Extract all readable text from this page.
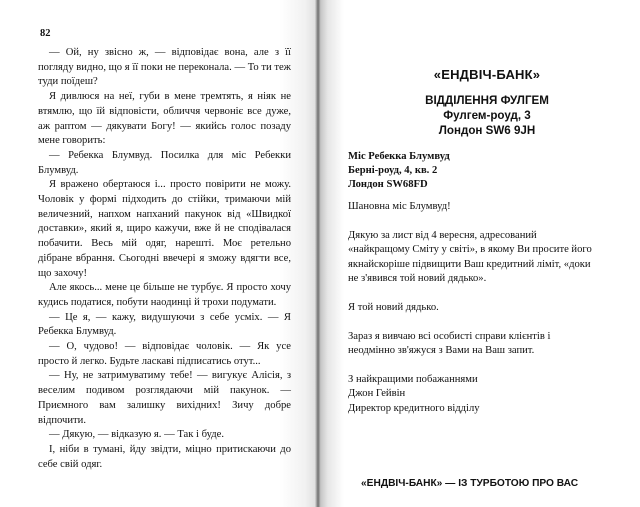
82

— Ой, ну звісно ж, — відповідає вона, але з її погляду видно, що я її поки не переконала. — То ти теж туди поїдеш?

Я дивлюся на неї, губи в мене тремтять, я ніяк не втямлю, що їй відповісти, обличчя червоніє все дуже, аж раптом — дякувати Богу! — якийсь голос позаду мене говорить:

— Ребекка Блумвуд. Посилка для міс Ребекки Блумвуд.

Я вражено обертаюся і... просто повірити не можу. Чоловік у формі підходить до стійки, тримаючи мій величезний, напхом напханий пакунок від «Швидкої доставки», який я, щиро кажучи, вже й не сподівалася побачити. Весь мій одяг, нарешті. Моє ретельно дібране вбрання. Сьогодні ввечері я зможу вдягти все, що захочу!

Але якось... мене це більше не турбує. Я просто хочу кудись податися, побути наодинці й трохи подумати.

— Це я, — кажу, видушуючи з себе усміх. — Я Ребекка Блумвуд.

— О, чудово! — відповідає чоловік. — Як усе просто й легко. Будьте ласкаві підписатись отут...

— Ну, не затримуватиму тебе! — вигукує Алісія, з веселим подивом розглядаючи мій пакунок. — Приємного вам залишку вихідних! Зичу добре відпочити.

— Дякую, — відказую я. — Так і буде.

І, ніби в тумані, йду звідти, міцно притискаючи до себе свій одяг.

«ЕНДВІЧ-БАНК»
ВІДДІЛЕННЯ ФУЛГЕМ
Фулгем-роуд, 3
Лондон SW6 9JH
Міс Ребекка Блумвуд
Берні-роуд, 4, кв. 2
Лондон SW68FD

Шановна міс Блумвуд!

Дякую за лист від 4 вересня, адресований «найкращому Сміту у світі», в якому Ви просите його якнайскоріше підвищити Ваш кредитний ліміт, «доки не з'явився той новий дядько».

Я той новий дядько.

Зараз я вивчаю всі особисті справи клієнтів і неодмінно зв'яжуся з Вами на Ваш запит.

З найкращими побажаннями

Джон Гейвін

Директор кредитного відділу

«ЕНДВІЧ-БАНК» — ІЗ ТУРБОТОЮ ПРО ВАС
